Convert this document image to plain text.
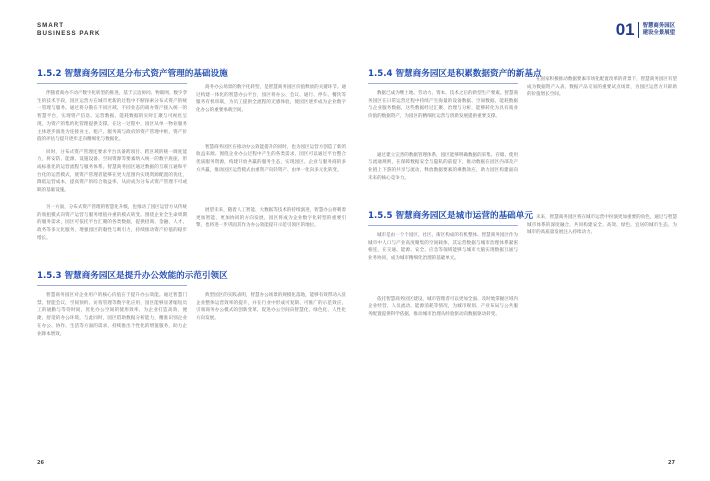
SMART
BUSINESS PARK	01 智慧商务园区
建设全景展望
1.5.2 智慧商务园区是分布式资产管理的基础设施

伴随着商办不动产数字化转型的推进，基于云边协同、物联网、数字孪生的技术手段，园区运营方在城市更新的过程中不断探索分布式资产的统一管理与服务。通过将分散在不同区域、不同业态的商办资产接入统一的智慧平台，实现资产信息、运营数据、能耗数据的实时汇聚与可视化呈现，为资产的集约化管理提供支撑。在这一过程中，园区从单一物业服务主体逐步演进为连接业主、租户、服务商与政府的资产管理中枢，资产价值的评估与提升逐步走向精细化与数据化。

同时，分布式资产管理还要求平台具备跨项目、跨区域的统一调度能力，将安防、能源、设施设备、空间资源等要素纳入统一的数字底座，形成标准化的运营流程与服务体系。智慧商务园区通过数据的互联互通和平台化的运营模式，使资产管理者能够在更大范围内实现资源配置的优化，降低运营成本，提高资产的综合收益率，从而成为分布式资产管理不可或缺的基础设施。

另一方面，分布式资产管理的智慧化升级，也推动了园区运营方从传统的收租模式向资产运营与服务增值并重的模式转变。围绕企业全生命周期的服务需求，园区可依托平台汇聚的各类数据，提供招商、金融、人才、政务等多元化服务，增强园区的黏性与吸引力，持续推动资产价值的稳步增长。

商务办公场景的数字化转型，是智慧商务园区价值释放的关键环节。通过构建一体化的智慧办公平台，园区将办公、会议、通行、停车、餐饮等服务有机串联，为员工提供全流程的无感体验，使园区逐步成为企业数字化办公的重要承载空间。

智慧商务园区在推动办公效能提升的同时，也为园区运营方创造了新的收益来源。围绕企业办公过程中产生的各类需求，园区可以通过平台整合优质服务资源，构建开放共赢的服务生态，实现园区、企业与服务商的多方共赢，推动园区运营模式由重资产向轻资产、由单一化向多元化转变。

展望未来，随着人工智能、大数据等技术的持续演进，智慧办公将朝着更加智能、更加协同的方向发展，园区将成为企业数字化转型的重要引擎，也将进一步巩固其作为办公效能提升示范引领区的地位。

1.5.3 智慧商务园区是提升办公效能的示范引领区

智慧商务园区对企业用户的核心价值在于提升办公效能。通过智慧门禁、智能会议、空间预约、访客管理等数字化应用，园区能够显著缩短员工的通勤与等待时间，优化办公空间的使用效率，为企业打造高效、便捷、舒适的办公环境。与此同时，园区借助数据分析能力，精准识别企业在办公、协作、生活等方面的需求，持续推出个性化的增值服务，助力企业降本增效。

典型园区的实践表明，智慧办公场景的规模化落地，能够有效带动入驻企业整体运营效率的提升，并在行业中形成可复制、可推广的示范效应，引领商务办公模式的创新变革，促进办公空间向智慧化、绿色化、人性化方向发展。

1.5.4 智慧商务园区是积累数据资产的新基点

数据已成为继土地、劳动力、资本、技术之后的新型生产要素。智慧商务园区在日常运营过程中持续产生海量的设备数据、空间数据、能耗数据与企业服务数据，这些数据经过汇聚、治理与分析，能够转化为具有商业价值的数据资产，为园区的精细化运营与创新发展提供重要支撑。

通过建立完善的数据管理体系，园区能够明确数据的采集、存储、使用与流通规则，在保障数据安全与隐私的前提下，推动数据在园区内部及产业链上下游的共享与流动，释放数据要素的乘数效应，助力园区构建面向未来的核心竞争力。

在国家积极推动数据要素市场化配置改革的背景下，智慧商务园区有望成为数据资产入表、数据产品交易的重要试点场景，为园区运营方开辟新的价值增长空间。

1.5.5 智慧商务园区是城市运营的基础单元

城市是由一个个园区、社区、街区构成的有机整体。智慧商务园区作为城市中人口与产业高度聚集的空间载体，其运营数据与城市治理体系紧密相连，在交通、能源、安全、应急等领域能够与城市大脑实现数据互通与业务协同，成为城市精细化治理的基础单元。

依托智慧商务园区建设，城市管理者可以更加全面、及时地掌握区域内企业经营、人员流动、能源消耗等情况，为城市规划、产业布局与公共服务配置提供科学依据，推动城市治理从经验驱动向数据驱动转变。

未来，智慧商务园区将在城市运营中扮演更加重要的角色，通过与智慧城市体系的深度融合，共同构建安全、高效、绿色、宜居的城市生态，为城市的高质量发展注入持续动力。

26	27
